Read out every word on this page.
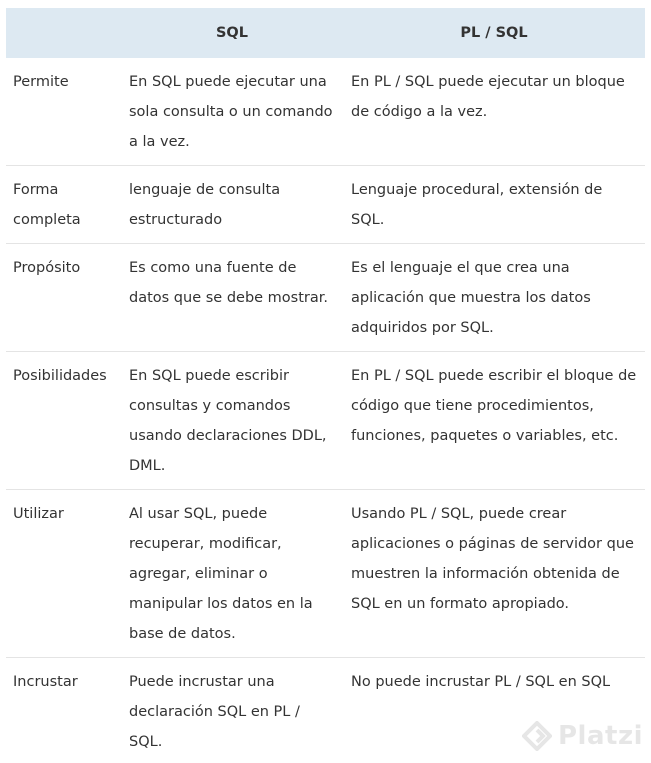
	SQL	PL / SQL
Permite	En SQL puede ejecutar una sola consulta o un comando a la vez.	En PL / SQL puede ejecutar un bloque de código a la vez.
Forma completa	lenguaje de consulta estructurado	Lenguaje procedural, extensión de SQL.
Propósito	Es como una fuente de datos que se debe mostrar.	Es el lenguaje el que crea una aplicación que muestra los datos adquiridos por SQL.
Posibilidades	En SQL puede escribir consultas y comandos usando declaraciones DDL, DML.	En PL / SQL puede escribir el bloque de código que tiene procedimientos, funciones, paquetes o variables, etc.
Utilizar	Al usar SQL, puede recuperar, modificar, agregar, eliminar o manipular los datos en la base de datos.	Usando PL / SQL, puede crear aplicaciones o páginas de servidor que muestren la información obtenida de SQL en un formato apropiado.
Incrustar	Puede incrustar una declaración SQL en PL / SQL.	No puede incrustar PL / SQL en SQL
Platzi
